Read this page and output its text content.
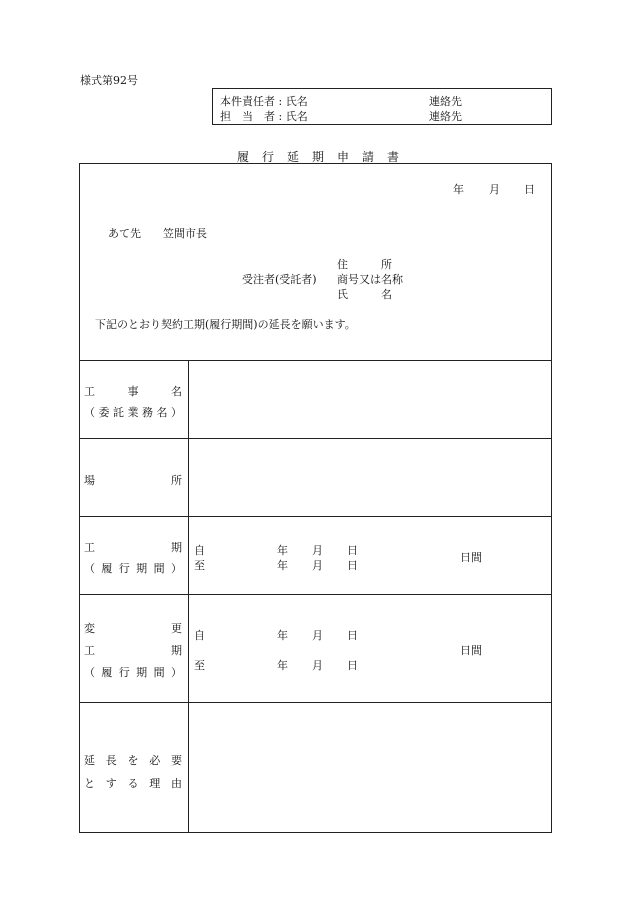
様式第92号
本件責任者 : 氏名	連絡先
担　当　者 : 氏名	連絡先
履行延期申請書
年 月 日
あて先　　笠間市長
住　　　所
受注者(受託者) 商号又は名称
氏　　　名
下記のとおり契約工期(履行期間)の延長を願います。
工	事	名
（ 委 託 業 務 名 ）
場	所
工	期
（ 履 行 期 間 ）
自	年 月 日
至	年 月 日
日間
変	更
工	期
（ 履 行 期 間 ）
自	年 月 日
至	年 月 日
日間
延 長 を 必 要
と す る 理 由
